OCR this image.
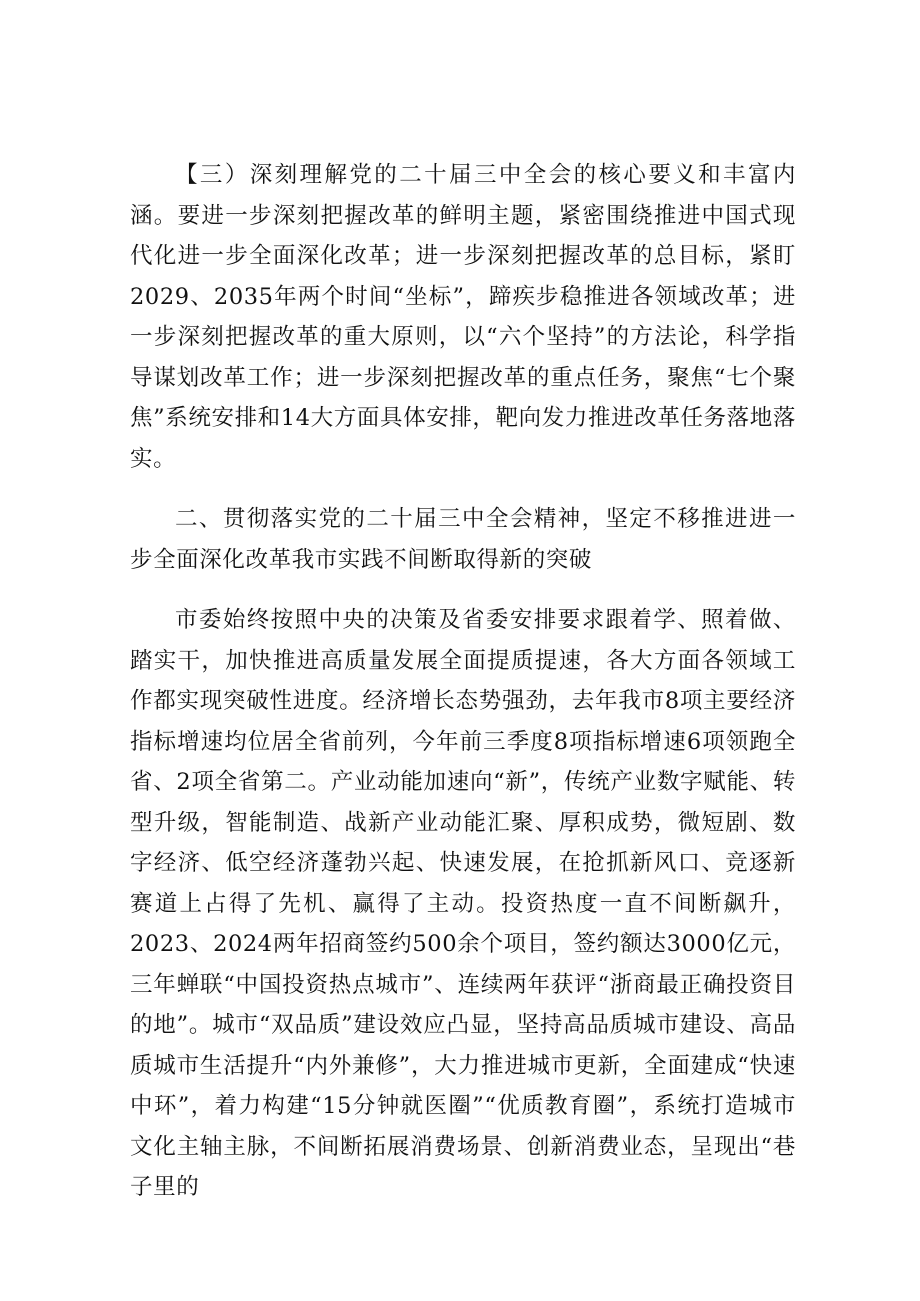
【三）深刻理解党的二十届三中全会的核心要义和丰富内涵。要进一步深刻把握改革的鲜明主题，紧密围绕推进中国式现代化进一步全面深化改革；进一步深刻把握改革的总目标，紧盯2029、2035年两个时间“坐标”，蹄疾步稳推进各领域改革；进一步深刻把握改革的重大原则，以“六个坚持”的方法论，科学指导谋划改革工作；进一步深刻把握改革的重点任务，聚焦“七个聚焦”系统安排和14大方面具体安排，靶向发力推进改革任务落地落实。

二、贯彻落实党的二十届三中全会精神，坚定不移推进进一步全面深化改革我市实践不间断取得新的突破

市委始终按照中央的决策及省委安排要求跟着学、照着做、踏实干，加快推进高质量发展全面提质提速，各大方面各领域工作都实现突破性进度。经济增长态势强劲，去年我市8项主要经济指标增速均位居全省前列，今年前三季度8项指标增速6项领跑全省、2项全省第二。产业动能加速向“新”，传统产业数字赋能、转型升级，智能制造、战新产业动能汇聚、厚积成势，微短剧、数字经济、低空经济蓬勃兴起、快速发展，在抢抓新风口、竞逐新赛道上占得了先机、赢得了主动。投资热度一直不间断飙升，2023、2024两年招商签约500余个项目，签约额达3000亿元，三年蝉联“中国投资热点城市”、连续两年获评“浙商最正确投资目的地”。城市“双品质”建设效应凸显，坚持高品质城市建设、高品质城市生活提升“内外兼修”，大力推进城市更新，全面建成“快速中环”，着力构建“15分钟就医圈”“优质教育圈”，系统打造城市文化主轴主脉，不间断拓展消费场景、创新消费业态，呈现出“巷子里的
